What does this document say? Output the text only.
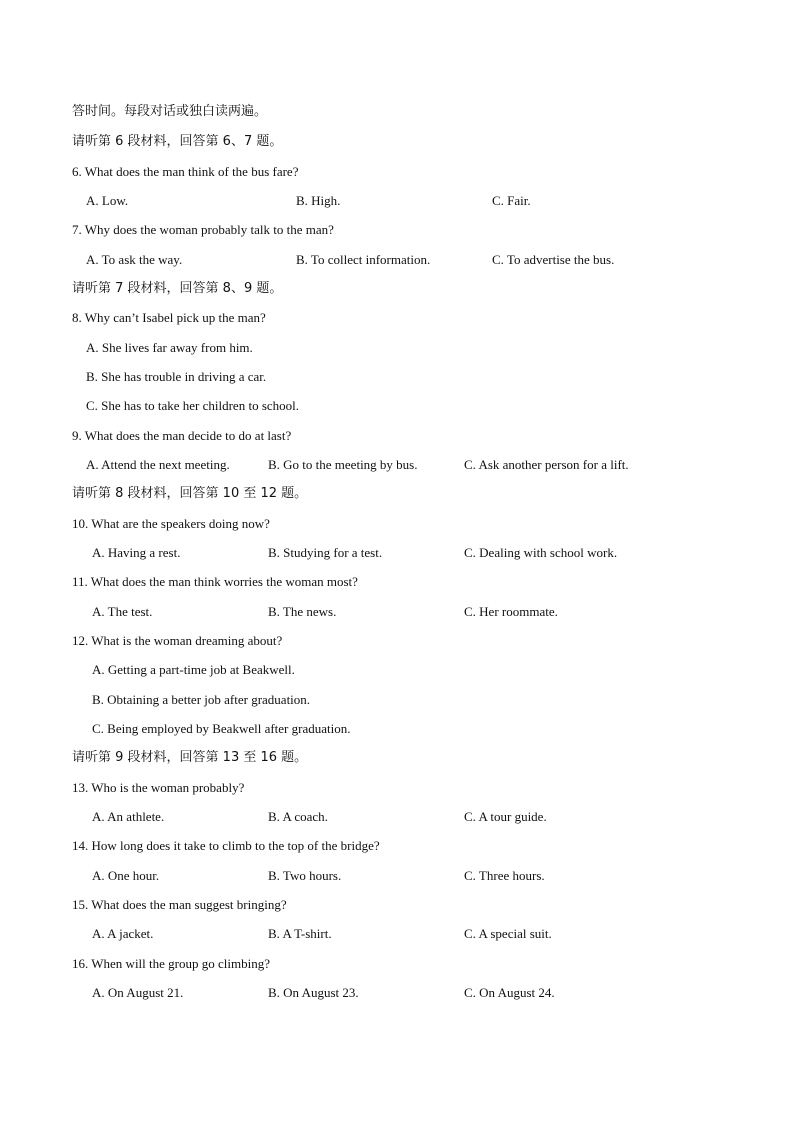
答时间。每段对话或独白读两遍。
请听第 6 段材料，回答第 6、7 题。
6. What does the man think of the bus fare?
A. Low.	B. High.	C. Fair.
7. Why does the woman probably talk to the man?
A. To ask the way.	B. To collect information.	C. To advertise the bus.
请听第 7 段材料，回答第 8、9 题。
8. Why can’t Isabel pick up the man?
A. She lives far away from him.
B. She has trouble in driving a car.
C. She has to take her children to school.
9. What does the man decide to do at last?
A. Attend the next meeting.	B. Go to the meeting by bus.	C. Ask another person for a lift.
请听第 8 段材料，回答第 10 至 12 题。
10. What are the speakers doing now?
A. Having a rest.	B. Studying for a test.	C. Dealing with school work.
11. What does the man think worries the woman most?
A. The test.	B. The news.	C. Her roommate.
12. What is the woman dreaming about?
A. Getting a part-time job at Beakwell.
B. Obtaining a better job after graduation.
C. Being employed by Beakwell after graduation.
请听第 9 段材料，回答第 13 至 16 题。
13. Who is the woman probably?
A. An athlete.	B. A coach.	C. A tour guide.
14. How long does it take to climb to the top of the bridge?
A. One hour.	B. Two hours.	C. Three hours.
15. What does the man suggest bringing?
A. A jacket.	B. A T-shirt.	C. A special suit.
16. When will the group go climbing?
A. On August 21.	B. On August 23.	C. On August 24.
